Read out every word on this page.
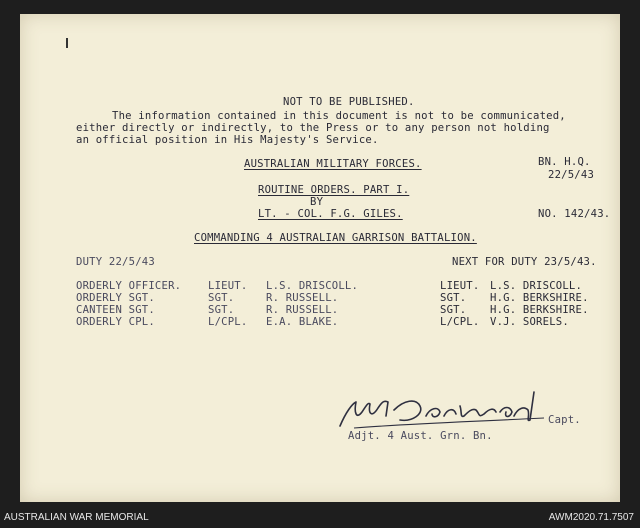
NOT TO BE PUBLISHED.
The information contained in this document is not to be communicated,
either directly or indirectly, to the Press or to any person not holding
an official position in His Majesty's Service.
AUSTRALIAN MILITARY FORCES.	BN. H.Q.
22/5/43
ROUTINE ORDERS. PART I.
BY
LT. - COL. F.G. GILES.	NO. 142/43.
COMMANDING 4 AUSTRALIAN GARRISON BATTALION.
DUTY 22/5/43	NEXT FOR DUTY 23/5/43.
ORDERLY OFFICER.	LIEUT. L.S. DRISCOLL.	LIEUT. L.S. DRISCOLL.
ORDERLY SGT.	SGT.	R. RUSSELL.	SGT. H.G. BERKSHIRE.
CANTEEN SGT.	SGT.	R. RUSSELL.	SGT. H.G. BERKSHIRE.
ORDERLY CPL.	L/CPL. E.A. BLAKE.	L/CPL. V.J. SORELS.
Capt.
Adjt. 4 Aust. Grn. Bn.
AUSTRALIAN WAR MEMORIAL	AWM2020.71.7507
